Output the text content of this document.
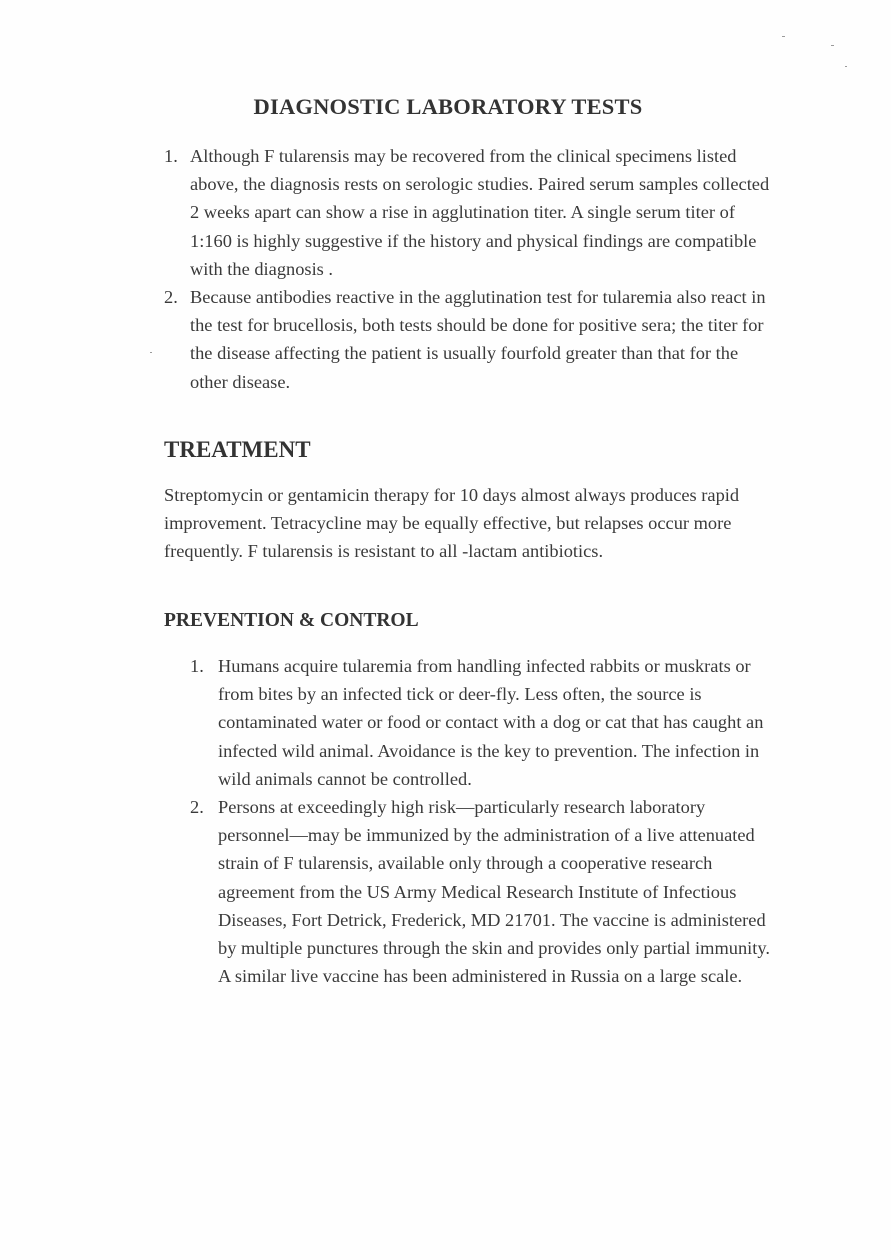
DIAGNOSTIC LABORATORY TESTS
1. Although F tularensis may be recovered from the clinical specimens listed above, the diagnosis rests on serologic studies. Paired serum samples collected 2 weeks apart can show a rise in agglutination titer. A single serum titer of 1:160 is highly suggestive if the history and physical findings are compatible with the diagnosis .
2. Because antibodies reactive in the agglutination test for tularemia also react in the test for brucellosis, both tests should be done for positive sera; the titer for the disease affecting the patient is usually fourfold greater than that for the other disease.
TREATMENT

Streptomycin or gentamicin therapy for 10 days almost always produces rapid improvement. Tetracycline may be equally effective, but relapses occur more frequently. F tularensis is resistant to all -lactam antibiotics.

PREVENTION & CONTROL
1. Humans acquire tularemia from handling infected rabbits or muskrats or from bites by an infected tick or deer-fly. Less often, the source is contaminated water or food or contact with a dog or cat that has caught an infected wild animal. Avoidance is the key to prevention. The infection in wild animals cannot be controlled.
2. Persons at exceedingly high risk—particularly research laboratory personnel—may be immunized by the administration of a live attenuated strain of F tularensis, available only through a cooperative research agreement from the US Army Medical Research Institute of Infectious Diseases, Fort Detrick, Frederick, MD 21701. The vaccine is administered by multiple punctures through the skin and provides only partial immunity. A similar live vaccine has been administered in Russia on a large scale.
